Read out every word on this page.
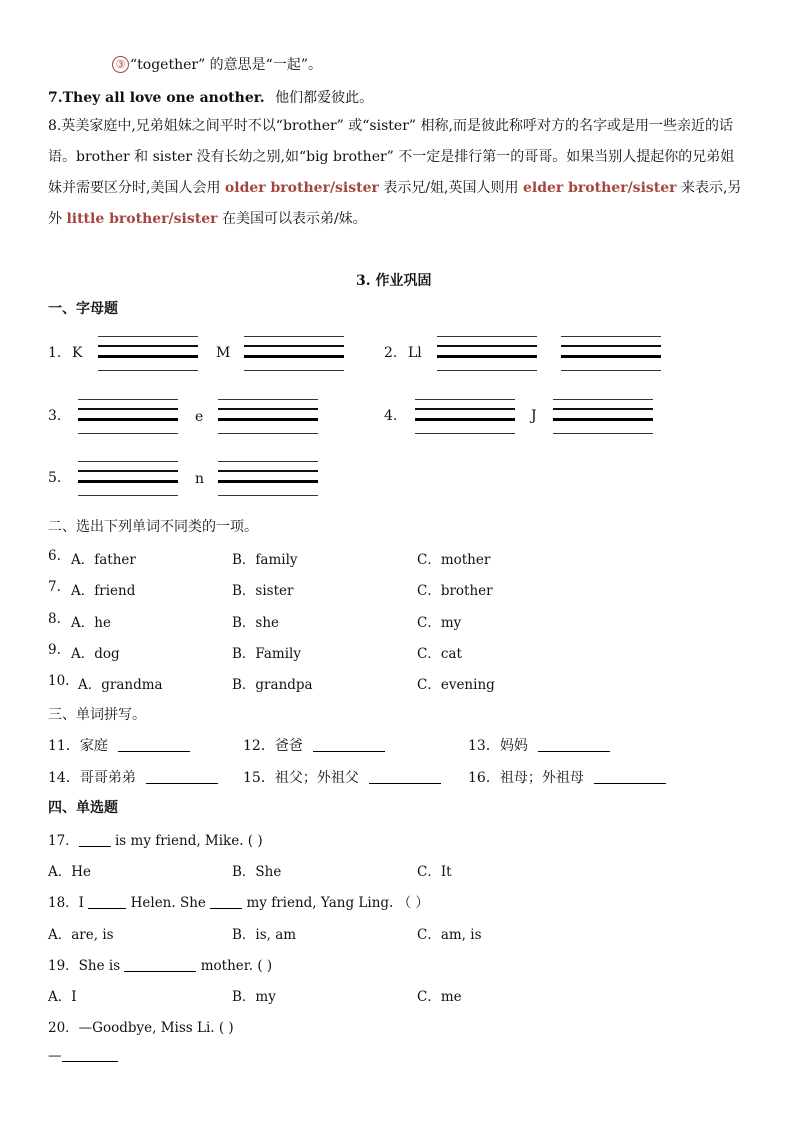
③ “together” 的意思是“一起”。
7.They all love one another. 他们都爱彼此。
8.英美家庭中,兄弟姐妹之间平时不以“brother” 或“sister” 相称,而是彼此称呼对方的名字或是用一些亲近的话语。brother 和 sister 没有长幼之别,如“big brother” 不一定是排行第一的哥哥。如果当别人提起你的兄弟姐妹并需要区分时,美国人会用 older brother/sister 表示兄/姐,英国人则用 elder brother/sister 来表示,另外 little brother/sister 在美国可以表示弟/妹。
3. 作业巩固
一、字母题
1. K	M	2. Ll
3.	e	4.	J
5.	n
二、选出下列单词不同类的一项。
6. A．father	B．family	C．mother
7. A．friend	B．sister	C．brother
8. A．he	B．she	C．my
9. A．dog	B．Family	C．cat
10. A．grandma	B．grandpa	C．evening
三、单词拼写。
11．家庭	12．爸爸	13．妈妈
14．哥哥弟弟	15．祖父；外祖父	16．祖母；外祖母
四、单选题
17．	is my friend, Mike. ( )
A．He	B．She	C．It
18．I	Helen. She	my friend, Yang Ling. （ ）
A．are, is	B．is, am	C．am, is
19．She is	mother. ( )
A．I	B．my	C．me
20．—Goodbye, Miss Li. ( )
—
